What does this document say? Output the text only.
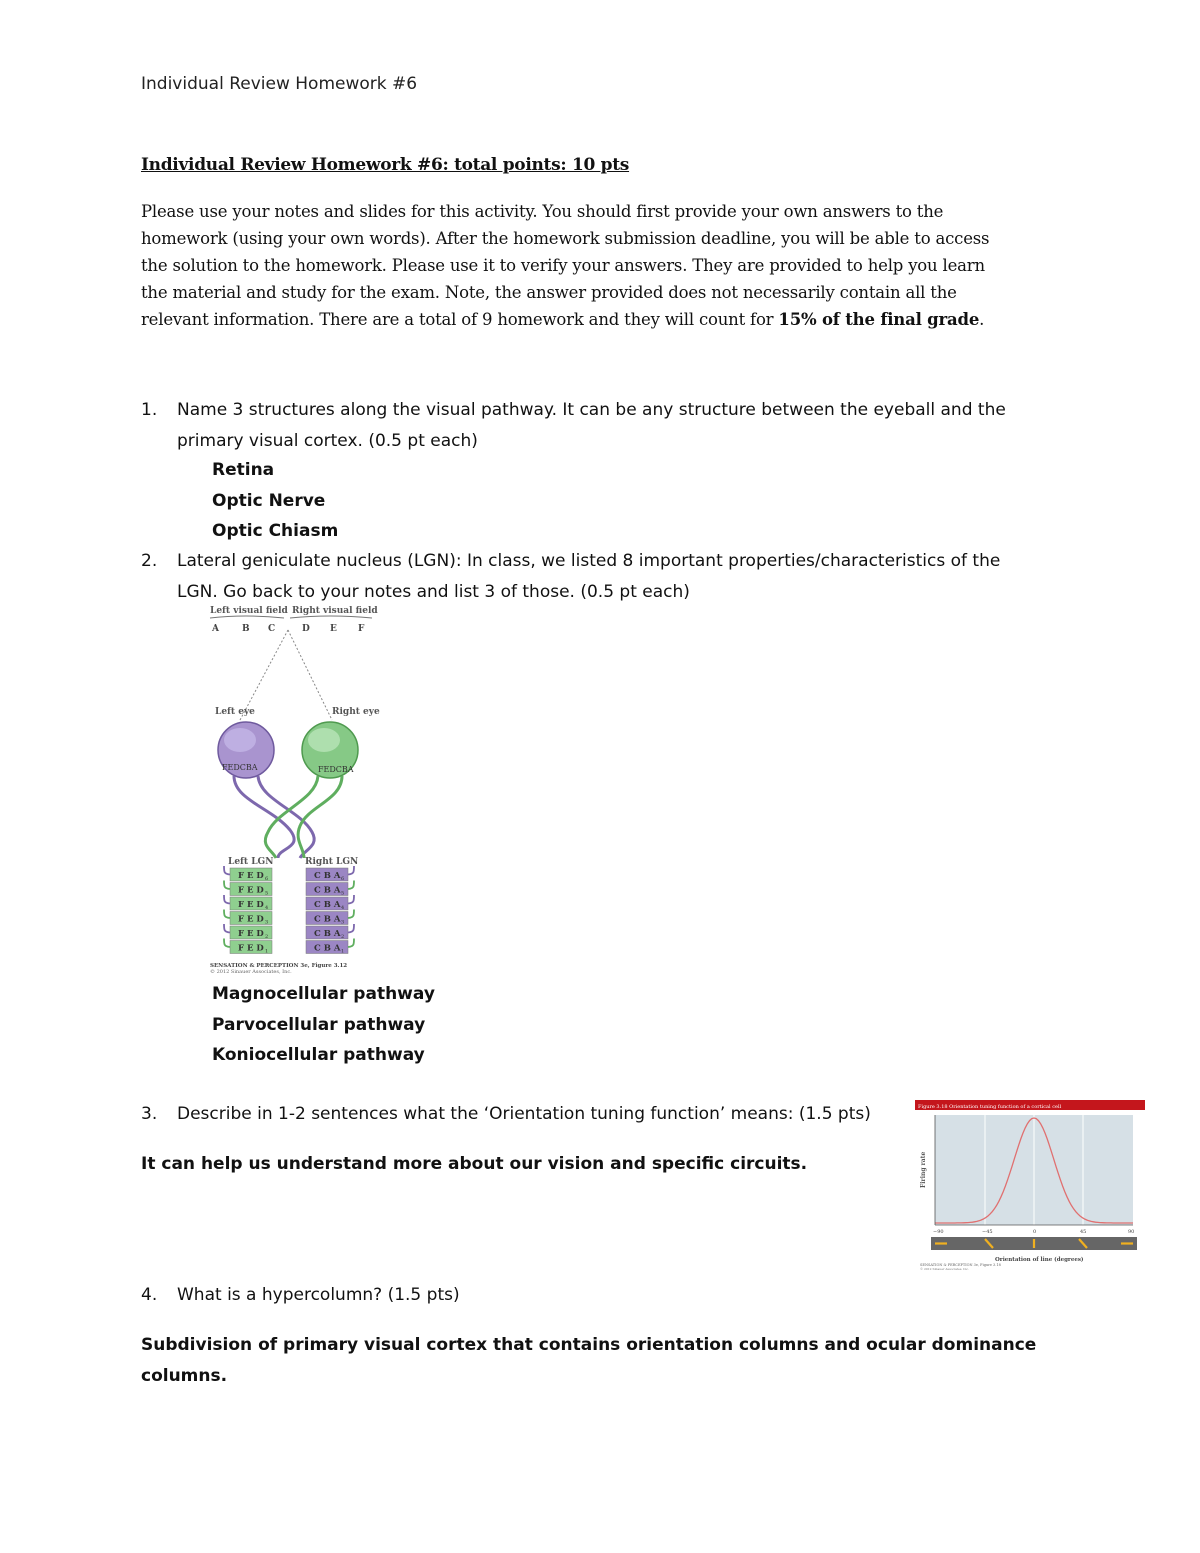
Individual Review Homework #6
Individual Review Homework #6: total points: 10 pts
Please use your notes and slides for this activity. You should first provide your own answers to the
homework (using your own words). After the homework submission deadline, you will be able to access
the solution to the homework. Please use it to verify your answers. They are provided to help you learn
the material and study for the exam. Note, the answer provided does not necessarily contain all the
relevant information. There are a total of 9 homework and they will count for 15% of the final grade.
1. Name 3 structures along the visual pathway. It can be any structure between the eyeball and the
primary visual cortex. (0.5 pt each)
Retina
Optic Nerve
Optic Chiasm
2. Lateral geniculate nucleus (LGN): In class, we listed 8 important properties/characteristics of the
LGN. Go back to your notes and list 3 of those. (0.5 pt each)
Left visual field Right visual field
A	B C	D E F
Left eye	Right eye
FEDCBA	FEDCBA
Left LGN	Right LGN
F E D 6
F E D 5
F E D 4
F E D 3
F E D 2
F E D 1
C B A 6
C B A 5
C B A 4
C B A 3
C B A 2
C B A 1
SENSATION & PERCEPTION 3e, Figure 3.12
© 2012 Sinauer Associates, Inc.
Magnocellular pathway
Parvocellular pathway
Koniocellular pathway
3. Describe in 1-2 sentences what the ‘Orientation tuning function’ means: (1.5 pts)
It can help us understand more about our vision and specific circuits.
Figure 3.18 Orientation tuning function of a cortical cell
Firing rate
−90	−45	0	45	90
Orientation of line (degrees)
SENSATION & PERCEPTION 3e, Figure 3.18
© 2012 Sinauer Associates, Inc.
4. What is a hypercolumn? (1.5 pts)
Subdivision of primary visual cortex that contains orientation columns and ocular dominance
columns.
